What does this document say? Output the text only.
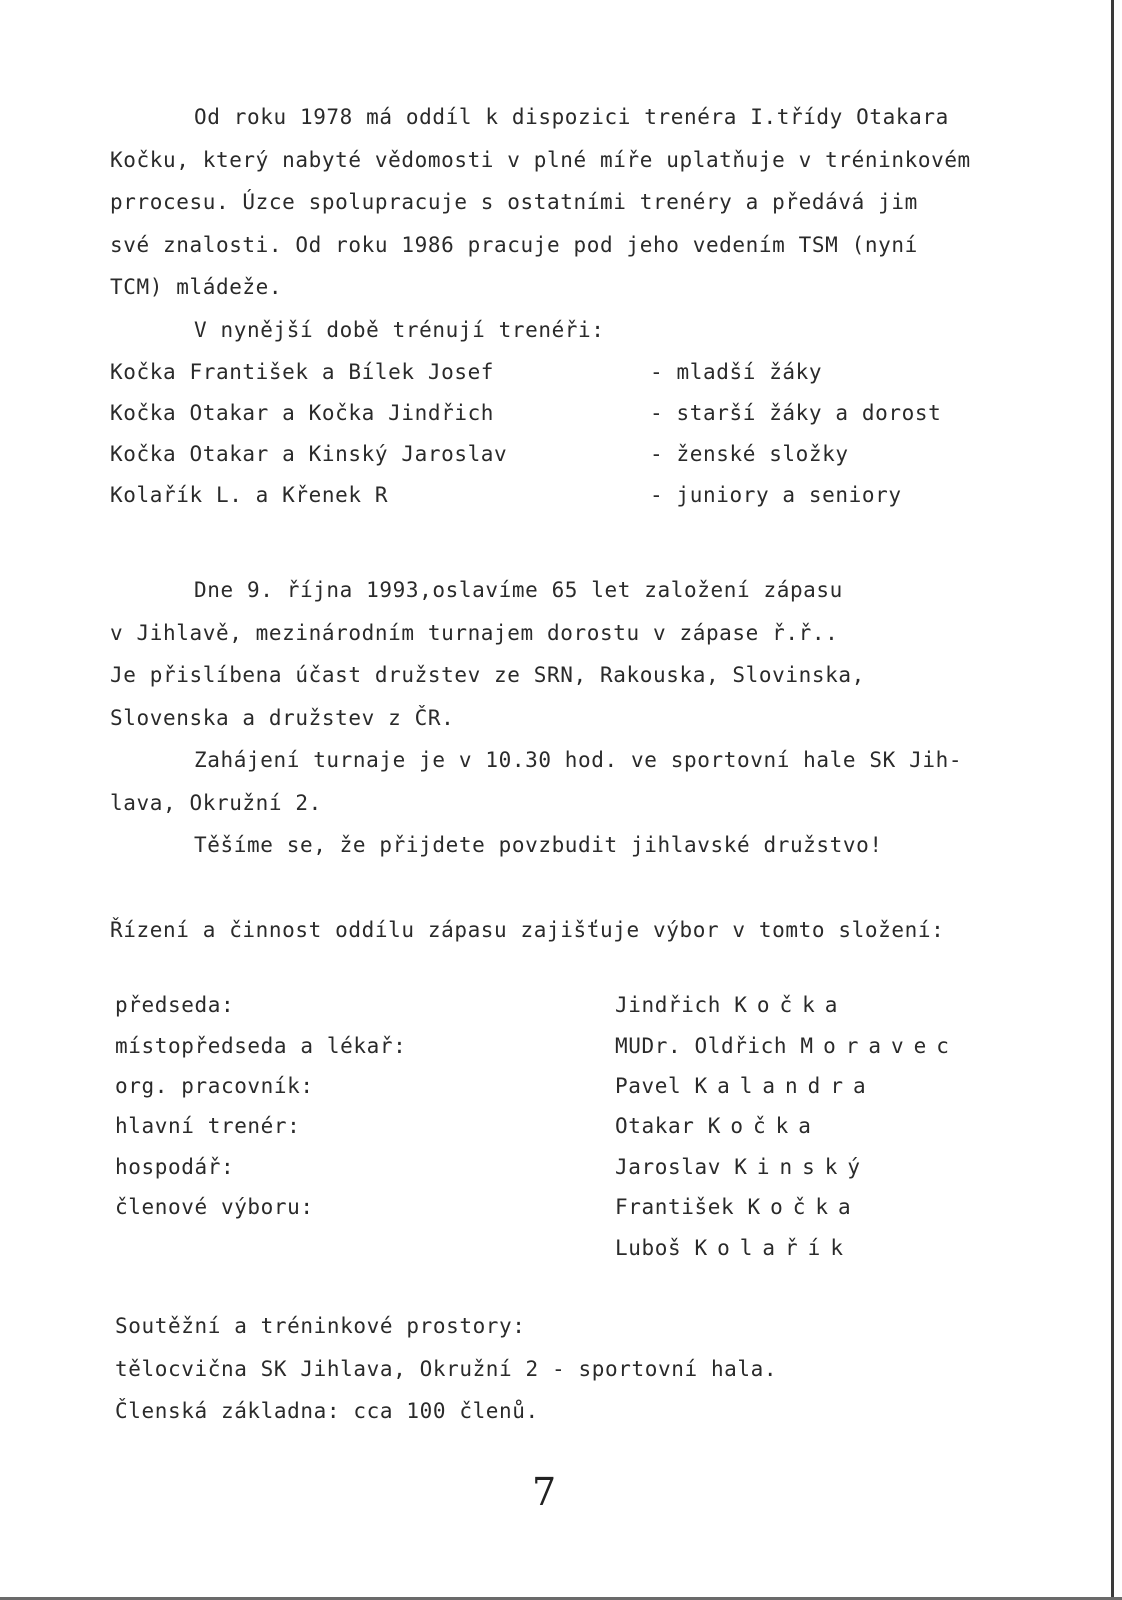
Od roku 1978 má oddíl k dispozici trenéra I.třídy Otakara
Kočku, který nabyté vědomosti v plné míře uplatňuje v tréninkovém
prrocesu. Úzce spolupracuje s ostatními trenéry a předává jim
své znalosti. Od roku 1986 pracuje pod jeho vedením TSM (nyní
TCM) mládeže.
V nynější době trénují trenéři:
Kočka František a Bílek Josef	- mladší žáky
Kočka Otakar a Kočka Jindřich	- starší žáky a dorost
Kočka Otakar a Kinský Jaroslav	- ženské složky
Kolařík L. a Křenek R	- juniory a seniory
Dne 9. října 1993,oslavíme 65 let založení zápasu
v Jihlavě, mezinárodním turnajem dorostu v zápase ř.ř..
Je přislíbena účast družstev ze SRN, Rakouska, Slovinska,
Slovenska a družstev z ČR.
Zahájení turnaje je v 10.30 hod. ve sportovní hale SK Jih-
lava, Okružní 2.
Těšíme se, že přijdete povzbudit jihlavské družstvo!
Řízení a činnost oddílu zápasu zajišťuje výbor v tomto složení:
předseda:	Jindřich Kočka
místopředseda a lékař:	MUDr. Oldřich Moravec
org. pracovník:	Pavel Kalandra
hlavní trenér:	Otakar Kočka
hospodář:	Jaroslav Kinský
členové výboru:	František Kočka
Luboš Kolařík
Soutěžní a tréninkové prostory:
tělocvična SK Jihlava, Okružní 2 - sportovní hala.
Členská základna: cca 100 členů.
7
